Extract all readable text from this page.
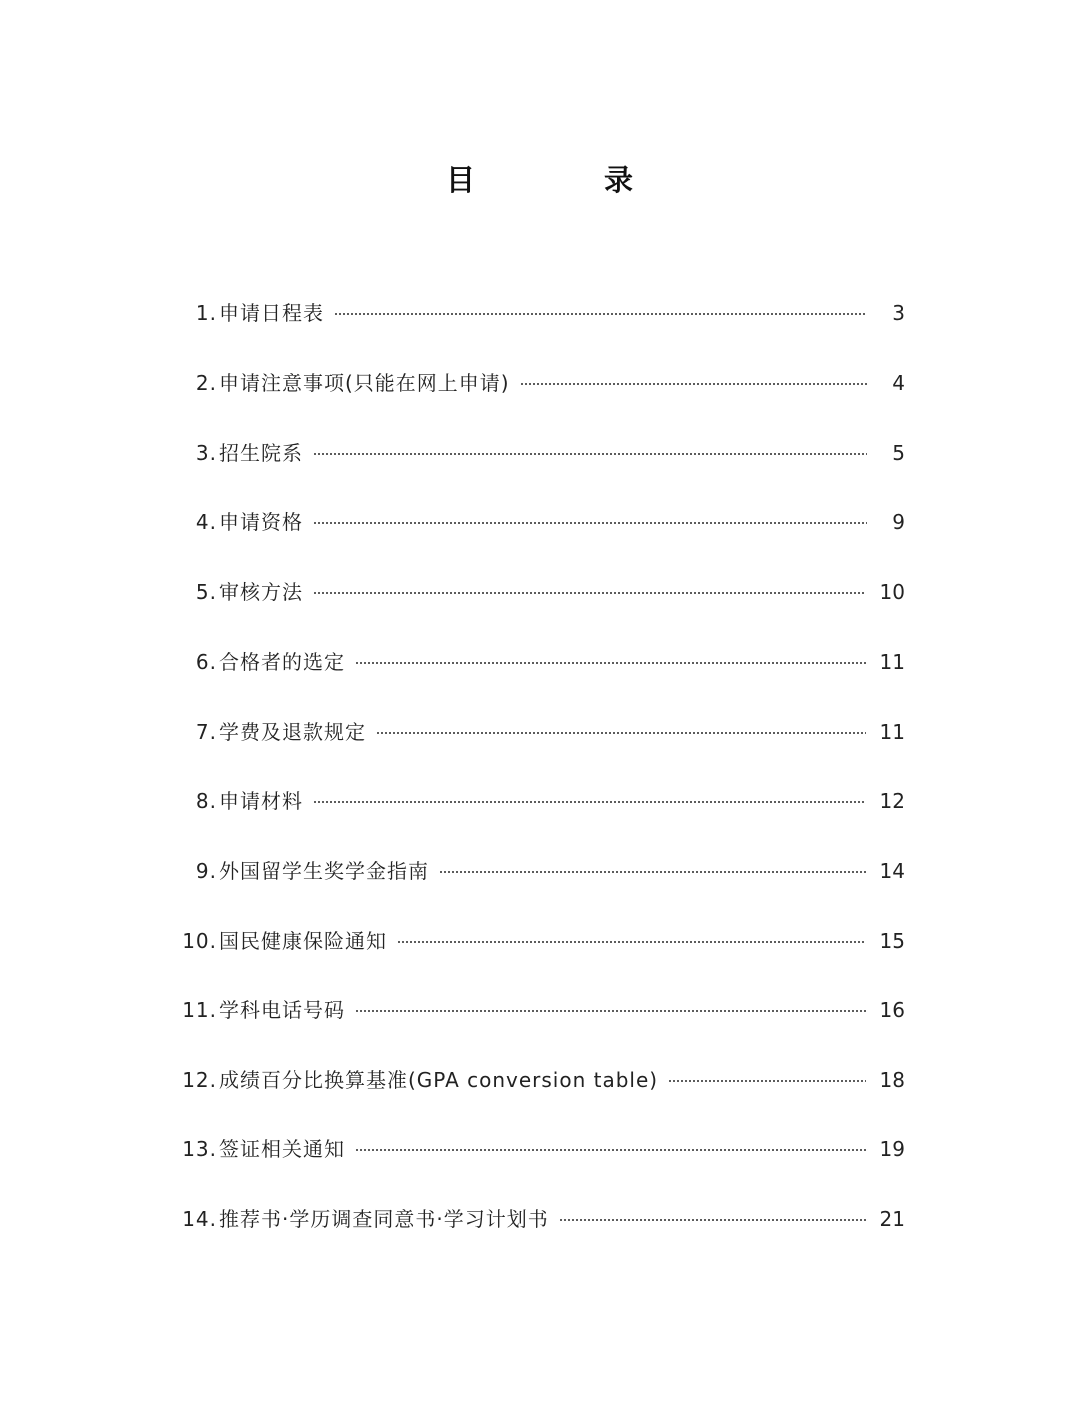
目	录
1. 申请日程表	3
2. 申请注意事项(只能在网上申请)	4
3. 招生院系	5
4. 申请资格	9
5. 审核方法	10
6. 合格者的选定	11
7. 学费及退款规定	11
8. 申请材料	12
9. 外国留学生奖学金指南	14
10. 国民健康保险通知	15
11. 学科电话号码	16
12. 成绩百分比换算基准(GPA conversion table)	18
13. 签证相关通知	19
14. 推荐书·学历调查同意书·学习计划书	21
